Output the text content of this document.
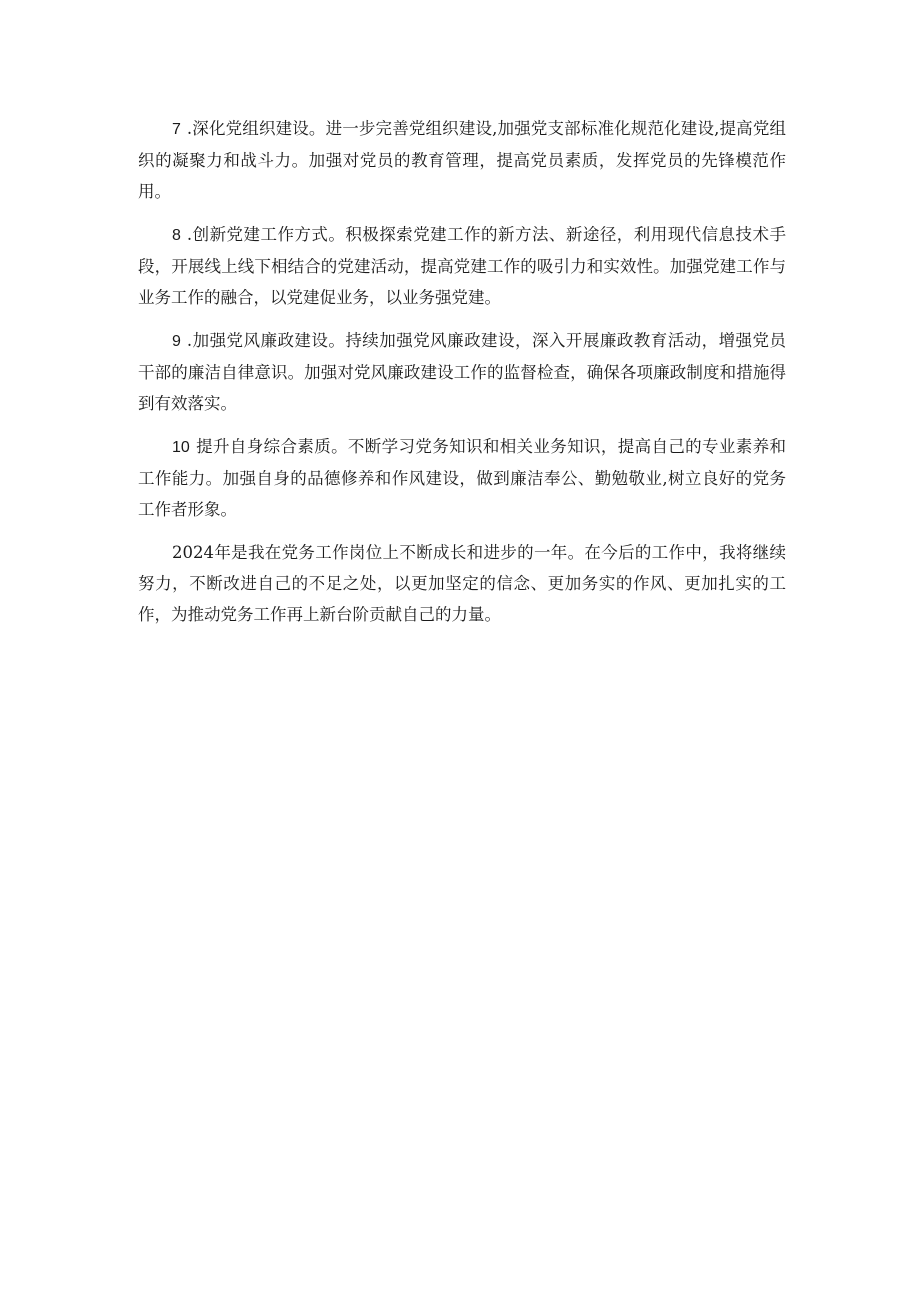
7 .深化党组织建设。进一步完善党组织建设,加强党支部标准化规范化建设,提高党组织的凝聚力和战斗力。加强对党员的教育管理，提高党员素质，发挥党员的先锋模范作用。

8 .创新党建工作方式。积极探索党建工作的新方法、新途径，利用现代信息技术手段，开展线上线下相结合的党建活动，提高党建工作的吸引力和实效性。加强党建工作与业务工作的融合，以党建促业务，以业务强党建。

9 .加强党风廉政建设。持续加强党风廉政建设，深入开展廉政教育活动，增强党员干部的廉洁自律意识。加强对党风廉政建设工作的监督检查，确保各项廉政制度和措施得到有效落实。

10 提升自身综合素质。不断学习党务知识和相关业务知识，提高自己的专业素养和工作能力。加强自身的品德修养和作风建设，做到廉洁奉公、勤勉敬业,树立良好的党务工作者形象。

2024年是我在党务工作岗位上不断成长和进步的一年。在今后的工作中，我将继续努力，不断改进自己的不足之处，以更加坚定的信念、更加务实的作风、更加扎实的工作，为推动党务工作再上新台阶贡献自己的力量。
